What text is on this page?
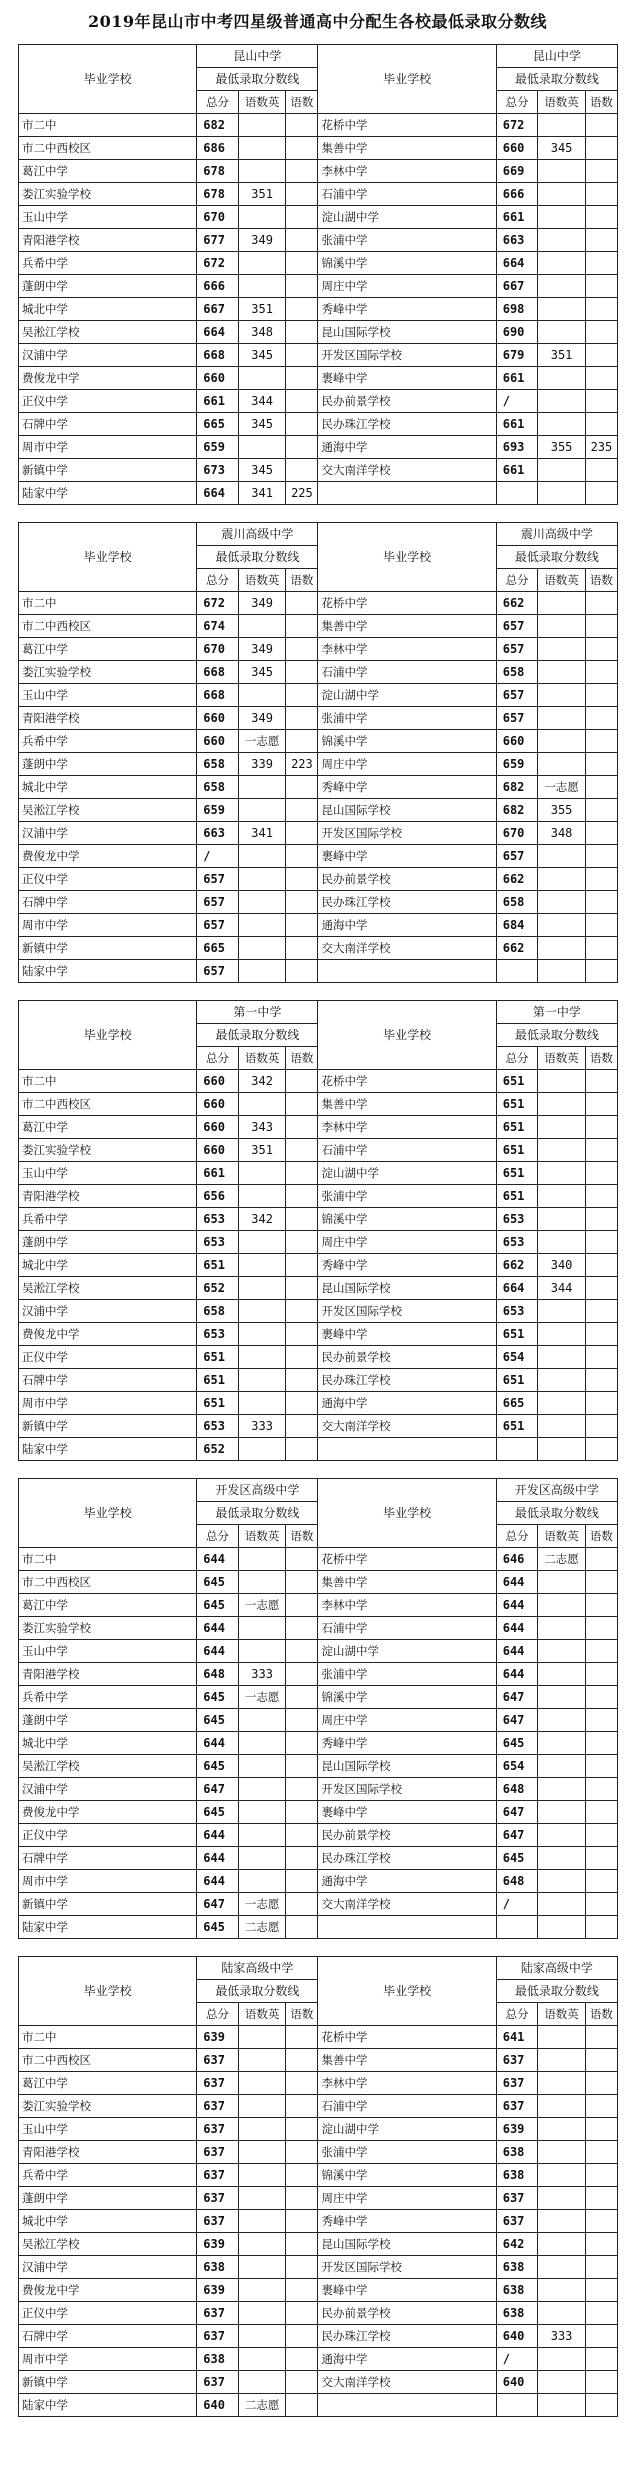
2019年昆山市中考四星级普通高中分配生各校最低录取分数线
毕业学校	昆山中学			毕业学校	昆山中学		
	最低录取分数线				最低录取分数线		
	总分	语数英	语数		总分	语数英	语数
市二中	682			花桥中学	672		
市二中西校区	686			集善中学	660	345	
葛江中学	678			李林中学	669		
娄江实验学校	678	351		石浦中学	666		
玉山中学	670			淀山湖中学	661		
青阳港学校	677	349		张浦中学	663		
兵希中学	672			锦溪中学	664		
蓬朗中学	666			周庄中学	667		
城北中学	667	351		秀峰中学	698		
吴淞江学校	664	348		昆山国际学校	690		
汉浦中学	668	345		开发区国际学校	679	351	
费俊龙中学	660			裹峰中学	661		
正仪中学	661	344		民办前景学校	/		
石牌中学	665	345		民办珠江学校	661		
周市中学	659			通海中学	693	355	235
新镇中学	673	345		交大南洋学校	661		
陆家中学	664	341	225				
毕业学校	震川高级中学			毕业学校	震川高级中学		
	最低录取分数线				最低录取分数线		
	总分	语数英	语数		总分	语数英	语数
市二中	672	349		花桥中学	662		
市二中西校区	674			集善中学	657		
葛江中学	670	349		李林中学	657		
娄江实验学校	668	345		石浦中学	658		
玉山中学	668			淀山湖中学	657		
青阳港学校	660	349		张浦中学	657		
兵希中学	660	一志愿		锦溪中学	660		
蓬朗中学	658	339	223	周庄中学	659		
城北中学	658			秀峰中学	682	一志愿	
吴淞江学校	659			昆山国际学校	682	355	
汉浦中学	663	341		开发区国际学校	670	348	
费俊龙中学	/			裹峰中学	657		
正仪中学	657			民办前景学校	662		
石牌中学	657			民办珠江学校	658		
周市中学	657			通海中学	684		
新镇中学	665			交大南洋学校	662		
陆家中学	657						
毕业学校	第一中学			毕业学校	第一中学		
	最低录取分数线				最低录取分数线		
	总分	语数英	语数		总分	语数英	语数
市二中	660	342		花桥中学	651		
市二中西校区	660			集善中学	651		
葛江中学	660	343		李林中学	651		
娄江实验学校	660	351		石浦中学	651		
玉山中学	661			淀山湖中学	651		
青阳港学校	656			张浦中学	651		
兵希中学	653	342		锦溪中学	653		
蓬朗中学	653			周庄中学	653		
城北中学	651			秀峰中学	662	340	
吴淞江学校	652			昆山国际学校	664	344	
汉浦中学	658			开发区国际学校	653		
费俊龙中学	653			裹峰中学	651		
正仪中学	651			民办前景学校	654		
石牌中学	651			民办珠江学校	651		
周市中学	651			通海中学	665		
新镇中学	653	333		交大南洋学校	651		
陆家中学	652						
毕业学校	开发区高级中学			毕业学校	开发区高级中学		
	最低录取分数线				最低录取分数线		
	总分	语数英	语数		总分	语数英	语数
市二中	644			花桥中学	646	二志愿	
市二中西校区	645			集善中学	644		
葛江中学	645	一志愿		李林中学	644		
娄江实验学校	644			石浦中学	644		
玉山中学	644			淀山湖中学	644		
青阳港学校	648	333		张浦中学	644		
兵希中学	645	一志愿		锦溪中学	647		
蓬朗中学	645			周庄中学	647		
城北中学	644			秀峰中学	645		
吴淞江学校	645			昆山国际学校	654		
汉浦中学	647			开发区国际学校	648		
费俊龙中学	645			裹峰中学	647		
正仪中学	644			民办前景学校	647		
石牌中学	644			民办珠江学校	645		
周市中学	644			通海中学	648		
新镇中学	647	一志愿		交大南洋学校	/		
陆家中学	645	二志愿					
毕业学校	陆家高级中学			毕业学校	陆家高级中学		
	最低录取分数线				最低录取分数线		
	总分	语数英	语数		总分	语数英	语数
市二中	639			花桥中学	641		
市二中西校区	637			集善中学	637		
葛江中学	637			李林中学	637		
娄江实验学校	637			石浦中学	637		
玉山中学	637			淀山湖中学	639		
青阳港学校	637			张浦中学	638		
兵希中学	637			锦溪中学	638		
蓬朗中学	637			周庄中学	637		
城北中学	637			秀峰中学	637		
吴淞江学校	639			昆山国际学校	642		
汉浦中学	638			开发区国际学校	638		
费俊龙中学	639			裹峰中学	638		
正仪中学	637			民办前景学校	638		
石牌中学	637			民办珠江学校	640	333	
周市中学	638			通海中学	/		
新镇中学	637			交大南洋学校	640		
陆家中学	640	二志愿					
